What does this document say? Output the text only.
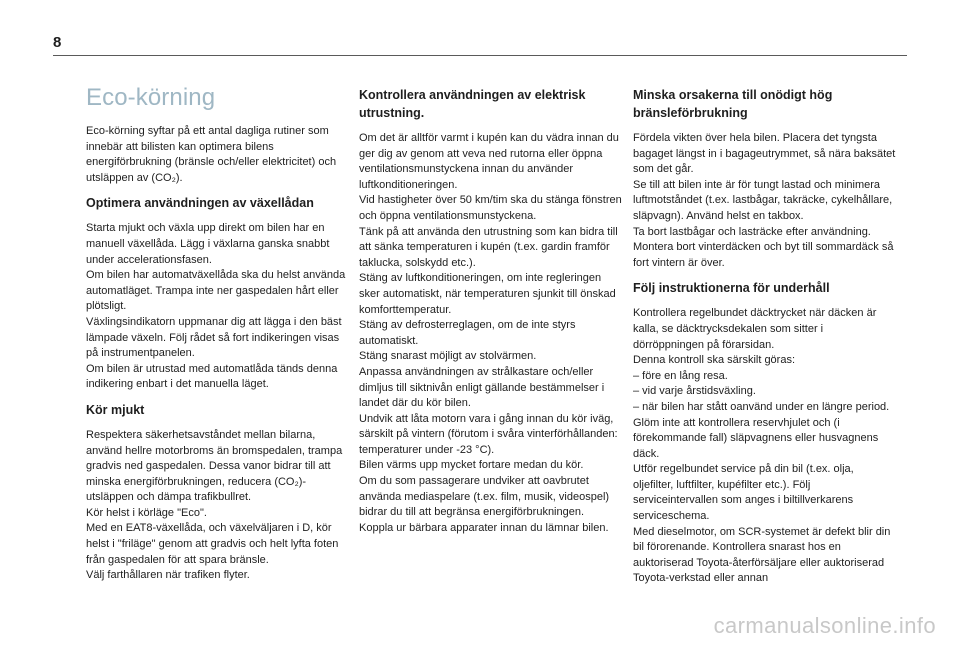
8
Eco-körning

Eco-körning syftar på ett antal dagliga rutiner som innebär att bilisten kan optimera bilens energiförbrukning (bränsle och/eller elektricitet) och utsläppen av (CO₂).

Optimera användningen av växellådan

Starta mjukt och växla upp direkt om bilen har en manuell växellåda. Lägg i växlarna ganska snabbt under accelerationsfasen.
Om bilen har automatväxellåda ska du helst använda automatläget. Trampa inte ner gaspedalen hårt eller plötsligt.
Växlingsindikatorn uppmanar dig att lägga i den bäst lämpade växeln. Följ rådet så fort indikeringen visas på instrumentpanelen.
Om bilen är utrustad med automatlåda tänds denna indikering enbart i det manuella läget.

Kör mjukt

Respektera säkerhetsavståndet mellan bilarna, använd hellre motorbroms än bromspedalen, trampa gradvis ned gaspedalen. Dessa vanor bidrar till att minska energiförbrukningen, reducera (CO₂)-utsläppen och dämpa trafikbullret.
Kör helst i körläge "Eco".
Med en EAT8-växellåda, och växelväljaren i D, kör helst i "friläge" genom att gradvis och helt lyfta foten från gaspedalen för att spara bränsle.
Välj farthållaren när trafiken flyter.

Kontrollera användningen av elektrisk utrustning.

Om det är alltför varmt i kupén kan du vädra innan du ger dig av genom att veva ned rutorna eller öppna ventilationsmunstyckena innan du använder luftkonditioneringen.
Vid hastigheter över 50 km/tim ska du stänga fönstren och öppna ventilationsmunstyckena.
Tänk på att använda den utrustning som kan bidra till att sänka temperaturen i kupén (t.ex. gardin framför takluckа, solskydd etc.).
Stäng av luftkonditioneringen, om inte regleringen sker automatiskt, när temperaturen sjunkit till önskad komforttemperatur.
Stäng av defrosterreglagen, om de inte styrs automatiskt.
Stäng snarast möjligt av stolvärmen.
Anpassa användningen av strålkastare och/eller dimljus till siktnivån enligt gällande bestämmelser i landet där du kör bilen.
Undvik att låta motorn vara i gång innan du kör iväg, särskilt på vintern (förutom i svåra vinterförhållanden: temperaturer under -23 °C).
Bilen värms upp mycket fortare medan du kör.
Om du som passagerare undviker att oavbrutet använda mediaspelare (t.ex. film, musik, videospel) bidrar du till att begränsa energiförbrukningen.
Koppla ur bärbara apparater innan du lämnar bilen.

Minska orsakerna till onödigt hög bränsleförbrukning

Fördela vikten över hela bilen. Placera det tyngsta bagaget längst in i bagageutrymmet, så nära baksätet som det går.
Se till att bilen inte är för tungt lastad och minimera luftmotståndet (t.ex. lastbågar, takräcke, cykelhållare, släpvagn). Använd helst en takbox.
Ta bort lastbågar och lasträcke efter användning.
Montera bort vinterdäcken och byt till sommardäck så fort vintern är över.

Följ instruktionerna för underhåll

Kontrollera regelbundet däcktrycket när däcken är kalla, se däcktrycksdekalen som sitter i dörröppningen på förarsidan.
Denna kontroll ska särskilt göras:
– före en lång resa.
– vid varje årstidsväxling.
– när bilen har stått oanvänd under en längre period.
Glöm inte att kontrollera reservhjulet och (i förekommande fall) släpvagnens eller husvagnens däck.
Utför regelbundet service på din bil (t.ex. olja, oljefilter, luftfilter, kupéfilter etc.). Följ serviceintervallen som anges i biltillverkarens serviceschema.
Med dieselmotor, om SCR-systemet är defekt blir din bil förorenande. Kontrollera snarast hos en auktoriserad Toyota-återförsäljare eller auktoriserad Toyota-verkstad eller annan

carmanualsonline.info
